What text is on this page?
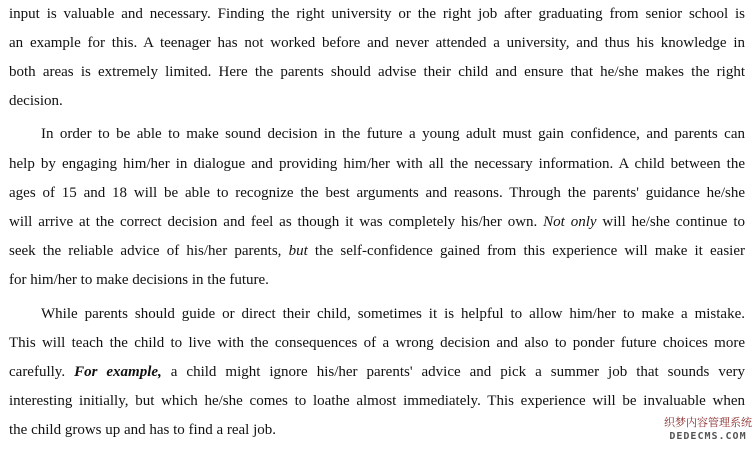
input is valuable and necessary. Finding the right university or the right job after graduating from senior school is
an example for this. A teenager has not worked before and never attended a university, and thus his knowledge in
both areas is extremely limited. Here the parents should advise their child and ensure that he/she makes the right
decision.
In order to be able to make sound decision in the future a young adult must gain confidence, and parents can
help by engaging him/her in dialogue and providing him/her with all the necessary information. A child between the
ages of 15 and 18 will be able to recognize the best arguments and reasons. Through the parents' guidance he/she
will arrive at the correct decision and feel as though it was completely his/her own. Not only will he/she continue to
seek the reliable advice of his/her parents, but the self-confidence gained from this experience will make it easier
for him/her to make decisions in the future.
While parents should guide or direct their child, sometimes it is helpful to allow him/her to make a mistake.
This will teach the child to live with the consequences of a wrong decision and also to ponder future choices more
carefully. For example, a child might ignore his/her parents' advice and pick a summer job that sounds very
interesting initially, but which he/she comes to loathe almost immediately. This experience will be invaluable when
the child grows up and has to find a real job.	织梦内容管理系统
DEDECMS.COM
